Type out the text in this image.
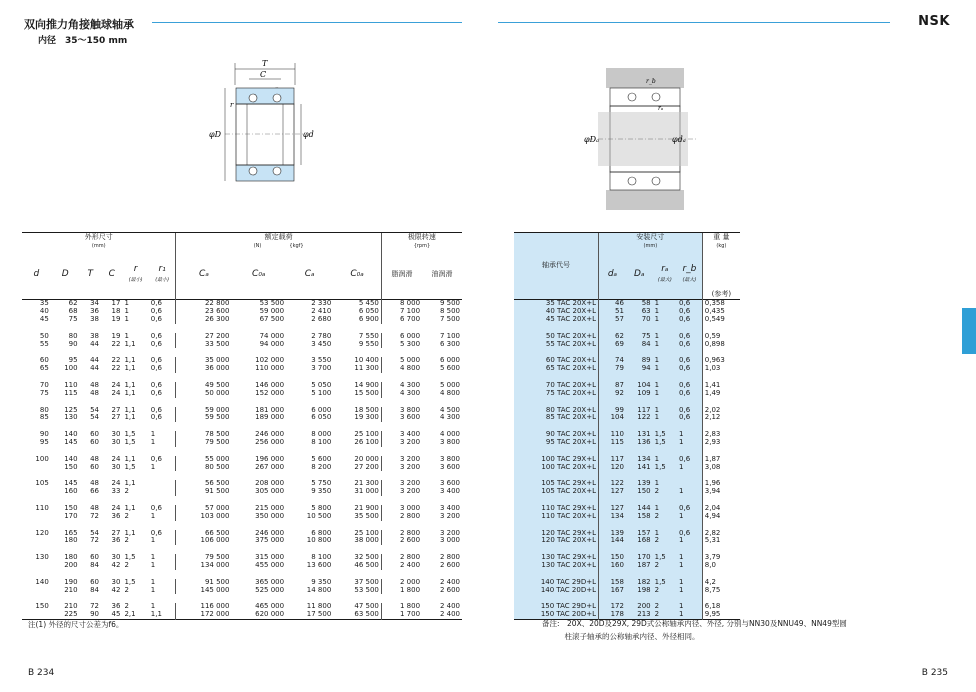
双向推力角接触球轴承
内径　35～150 mm
T
C
r
φD	φd
外形尺寸
(mm)						额定载荷
(N)　　　　 {kgf}				极限转速
{rpm}	
d	D	T	C	r
(最小)	r₁
(最小)	Cₐ	C₀ₐ	Cₐ	C₀ₐ	脂润滑	油润滑
35	62	34	17	1	0,6	22 800	53 500	2 330	5 450	8 000	9 500
40	68	36	18	1	0,6	23 600	59 000	2 410	6 050	7 100	8 500
45	75	38	19	1	0,6	26 300	67 500	2 680	6 900	6 700	7 500

50	80	38	19	1	0,6	27 200	74 000	2 780	7 550	6 000	7 100
55	90	44	22	1,1	0,6	33 500	94 000	3 450	9 550	5 300	6 300

60	95	44	22	1,1	0,6	35 000	102 000	3 550	10 400	5 000	6 000
65	100	44	22	1,1	0,6	36 000	110 000	3 700	11 300	4 800	5 600

70	110	48	24	1,1	0,6	49 500	146 000	5 050	14 900	4 300	5 000
75	115	48	24	1,1	0,6	50 000	152 000	5 100	15 500	4 300	4 800

80	125	54	27	1,1	0,6	59 000	181 000	6 000	18 500	3 800	4 500
85	130	54	27	1,1	0,6	59 500	189 000	6 050	19 300	3 600	4 300

90	140	60	30	1,5	1	78 500	246 000	8 000	25 100	3 400	4 000
95	145	60	30	1,5	1	79 500	256 000	8 100	26 100	3 200	3 800

100	140	48	24	1,1	0,6	55 000	196 000	5 600	20 000	3 200	3 800
	150	60	30	1,5	1	80 500	267 000	8 200	27 200	3 200	3 600

105	145	48	24	1,1		56 500	208 000	5 750	21 300	3 200	3 600
	160	66	33	2		91 500	305 000	9 350	31 000	3 200	3 400

110	150	48	24	1,1	0,6	57 000	215 000	5 800	21 900	3 000	3 400
	170	72	36	2	1	103 000	350 000	10 500	35 500	2 800	3 200

120	165	54	27	1,1	0,6	66 500	246 000	6 800	25 100	2 800	3 200
	180	72	36	2	1	106 000	375 000	10 800	38 000	2 600	3 000

130	180	60	30	1,5	1	79 500	315 000	8 100	32 500	2 800	2 800
	200	84	42	2	1	134 000	455 000	13 600	46 500	2 400	2 600

140	190	60	30	1,5	1	91 500	365 000	9 350	37 500	2 000	2 400
	210	84	42	2	1	145 000	525 000	14 800	53 500	1 800	2 600

150	210	72	36	2	1	116 000	465 000	11 800	47 500	1 800	2 400
	225	90	45	2,1	1,1	172 000	620 000	17 500	63 500	1 700	2 400

注(1) 外径的尺寸公差为f6。
B 234
NSK
r_b
rₐ
φDₐ	φdₐ
轴承代号	安装尺寸
(mm)				重 量
(kg)
	dₐ	Dₐ	rₐ
(最大)	r_b
(最大)	(参考)
35 TAC 20X+L	46	58	1	0,6	0,358
40 TAC 20X+L	51	63	1	0,6	0,435
45 TAC 20X+L	57	70	1	0,6	0,549

50 TAC 20X+L	62	75	1	0,6	0,59
55 TAC 20X+L	69	84	1	0,6	0,898

60 TAC 20X+L	74	89	1	0,6	0,963
65 TAC 20X+L	79	94	1	0,6	1,03

70 TAC 20X+L	87	104	1	0,6	1,41
75 TAC 20X+L	92	109	1	0,6	1,49

80 TAC 20X+L	99	117	1	0,6	2,02
85 TAC 20X+L	104	122	1	0,6	2,12

90 TAC 20X+L	110	131	1,5	1	2,83
95 TAC 20X+L	115	136	1,5	1	2,93

100 TAC 29X+L	117	134	1	0,6	1,87
100 TAC 20X+L	120	141	1,5	1	3,08

105 TAC 29X+L	122	139	1		1,96
105 TAC 20X+L	127	150	2	1	3,94

110 TAC 29X+L	127	144	1	0,6	2,04
110 TAC 20X+L	134	158	2	1	4,94

120 TAC 29X+L	139	157	1	0,6	2,82
120 TAC 20X+L	144	168	2	1	5,31

130 TAC 29X+L	150	170	1,5	1	3,79
130 TAC 20X+L	160	187	2	1	8,0

140 TAC 29D+L	158	182	1,5	1	4,2
140 TAC 20D+L	167	198	2	1	8,75

150 TAC 29D+L	172	200	2	1	6,18
150 TAC 20D+L	178	213	2	1	9,95

备注:　20X、20D及29X, 29D式公称轴承内径、外径, 分别与NN30及NNU49、NN49型圆
　　　柱滚子轴承的公称轴承内径、外径相同。
B 235
